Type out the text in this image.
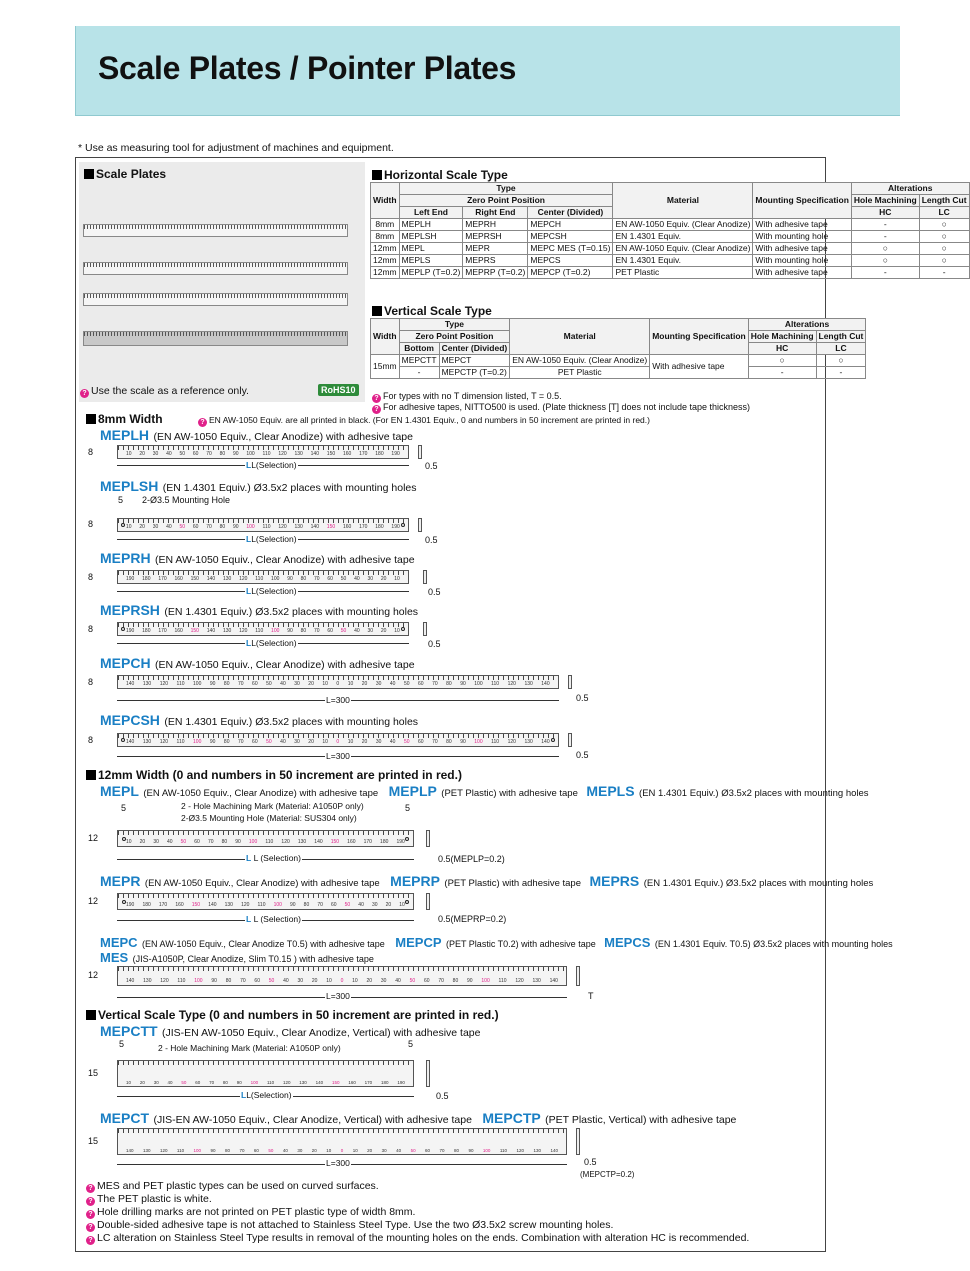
Scale Plates / Pointer Plates
* Use as measuring tool for adjustment of machines and equipment.
Scale Plates
? Use the scale as a reference only.	RoHS10
Horizontal Scale Type
Width	Type			Material	Mounting Specification	Alterations	
	Zero Point Position					Hole Machining	Length Cut
	Left End	Right End	Center (Divided)			HC	LC
8mm	MEPLH	MEPRH	MEPCH	EN AW-1050 Equiv. (Clear Anodize)	With adhesive tape	-	○
8mm	MEPLSH	MEPRSH	MEPCSH	EN 1.4301 Equiv.	With mounting hole	-	○
12mm	MEPL	MEPR	MEPC MES (T=0.15)	EN AW-1050 Equiv. (Clear Anodize)	With adhesive tape	○	○
12mm	MEPLS	MEPRS	MEPCS	EN 1.4301 Equiv.	With mounting hole	○	○
12mm	MEPLP (T=0.2)	MEPRP (T=0.2)	MEPCP (T=0.2)	PET Plastic	With adhesive tape	-	-
Vertical Scale Type
Width	Type		Material	Mounting Specification	Alterations	
	Zero Point Position				Hole Machining	Length Cut
	Bottom	Center (Divided)			HC	LC
15mm	MEPCTT	MEPCT	EN AW-1050 Equiv. (Clear Anodize)	With adhesive tape	○	○
	-	MEPCTP (T=0.2)	PET Plastic		-	-
? For types with no T dimension listed, T = 0.5.
? For adhesive tapes, NITTO500 is used. (Plate thickness [T] does not include tape thickness)
8mm Width	? EN AW-1050 Equiv. are all printed in black. (For EN 1.4301 Equiv., 0 and numbers in 50 increment are printed in red.)
MEPLH (EN AW-1050 Equiv., Clear Anodize) with adhesive tape
10 20 30 40 50 60 70 80 90 100 110 120 130 140 150 160 170 180 190
8
LL(Selection)	0.5
MEPLSH (EN 1.4301 Equiv.) Ø3.5x2 places with mounting holes
5 2-Ø3.5 Mounting Hole
10 20 30 40 50 60 70 80 90 100 110 120 130 140 150 160 170 180 190
8
LL(Selection)	0.5
MEPRH (EN AW-1050 Equiv., Clear Anodize) with adhesive tape
190 180 170 160 150 140 130 120 110 100 90 80 70 60 50 40 30 20 10
8
LL(Selection)	0.5
MEPRSH (EN 1.4301 Equiv.) Ø3.5x2 places with mounting holes
190 180 170 160 150 140 130 120 110 100 90 80 70 60 50 40 30 20 10
8
LL(Selection)	0.5
MEPCH (EN AW-1050 Equiv., Clear Anodize) with adhesive tape
140 130 120 110 100 90 80 70 60 50 40 30 20 10 0 10 20 30 40 50 60 70 80 90 100 110 120 130 140
8
L=300	0.5
MEPCSH (EN 1.4301 Equiv.) Ø3.5x2 places with mounting holes
140 130 120 110 100 90 80 70 60 50 40 30 20 10 0 10 20 30 40 50 60 70 80 90 100 110 120 130 140
8
L=300	0.5
12mm Width (0 and numbers in 50 increment are printed in red.)
MEPL (EN AW-1050 Equiv., Clear Anodize) with adhesive tape MEPLP (PET Plastic) with adhesive tape MEPLS (EN 1.4301 Equiv.) Ø3.5x2 places with mounting holes
5	5
2 - Hole Machining Mark (Material: A1050P only)
2-Ø3.5 Mounting Hole (Material: SUS304 only)
10 20 30 40 50 60 70 80 90 100 110 120 130 140 150 160 170 180 190
12
L L (Selection)	0.5(MEPLP=0.2)
MEPR (EN AW-1050 Equiv., Clear Anodize) with adhesive tape MEPRP (PET Plastic) with adhesive tape MEPRS (EN 1.4301 Equiv.) Ø3.5x2 places with mounting holes
190 180 170 160 150 140 130 120 110 100 90 80 70 60 50 40 30 20 10
12
L L (Selection)	0.5(MEPRP=0.2)
MEPC (EN AW-1050 Equiv., Clear Anodize T0.5) with adhesive tape MEPCP (PET Plastic T0.2) with adhesive tape MEPCS (EN 1.4301 Equiv. T0.5) Ø3.5x2 places with mounting holes
MES (JIS-A1050P, Clear Anodize, Slim T0.15 ) with adhesive tape
140 130 120 110 100 90 80 70 60 50 40 30 20 10 0 10 20 30 40 50 60 70 80 90 100 110 120 130 140
12
L=300	T
Vertical Scale Type (0 and numbers in 50 increment are printed in red.)
MEPCTT (JIS-EN AW-1050 Equiv., Clear Anodize, Vertical) with adhesive tape
5	5
2 - Hole Machining Mark (Material: A1050P only)
10 20 30 40 50 60 70 80 90 100 110 120 130 140 150 160 170 180 190
15
LL(Selection)	0.5
MEPCT (JIS-EN AW-1050 Equiv., Clear Anodize, Vertical) with adhesive tape MEPCTP (PET Plastic, Vertical) with adhesive tape
140 130 120 110 100 90 80 70 60 50 40 30 20 10 0 10 20 30 40 50 60 70 80 90 100 110 120 130 140
15
L=300	0.5
(MEPCTP=0.2)
? MES and PET plastic types can be used on curved surfaces.
? The PET plastic is white.
? Hole drilling marks are not printed on PET plastic type of width 8mm.
? Double-sided adhesive tape is not attached to Stainless Steel Type. Use the two Ø3.5x2 screw mounting holes.
? LC alteration on Stainless Steel Type results in removal of the mounting holes on the ends. Combination with alteration HC is recommended.
